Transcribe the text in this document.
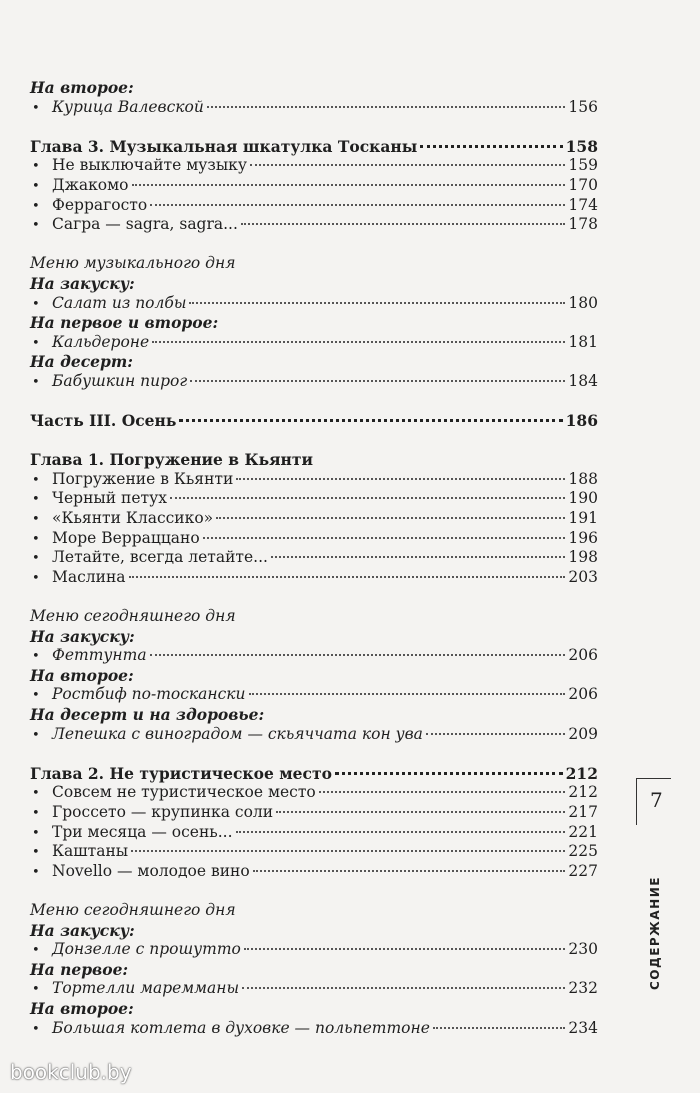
На второе:
• Курица Валевской	156
Глава 3. Музыкальная шкатулка Тосканы	158
• Не выключайте музыку	159
• Джакомо	170
• Феррагосто	174
• Сагра — sagra, sagra...	178
Меню музыкального дня
На закуску:
• Салат из полбы	180
На первое и второе:
• Кальдероне	181
На десерт:
• Бабушкин пирог	184
Часть III. Осень	186
Глава 1. Погружение в Кьянти
• Погружение в Кьянти	188
• Черный петух	190
• «Кьянти Классико»	191
• Море Верраццано	196
• Летайте, всегда летайте...	198
• Маслина	203
Меню сегодняшнего дня
На закуску:
• Феттунта	206
На второе:
• Ростбиф по-тоскански	206
На десерт и на здоровье:
• Лепешка с виноградом — скьяччата кон ува	209
Глава 2. Не туристическое место	212
• Совсем не туристическое место	212
• Гроссето — крупинка соли	217
• Три месяца — осень...	221
• Каштаны	225
• Novello — молодое вино	227
Меню сегодняшнего дня
На закуску:
• Донзелле с прошутто	230
На первое:
• Тортелли маремманы	232
На второе:
• Большая котлета в духовке — польпеттоне	234
7
СОДЕРЖАНИЕ
bookclub.by
